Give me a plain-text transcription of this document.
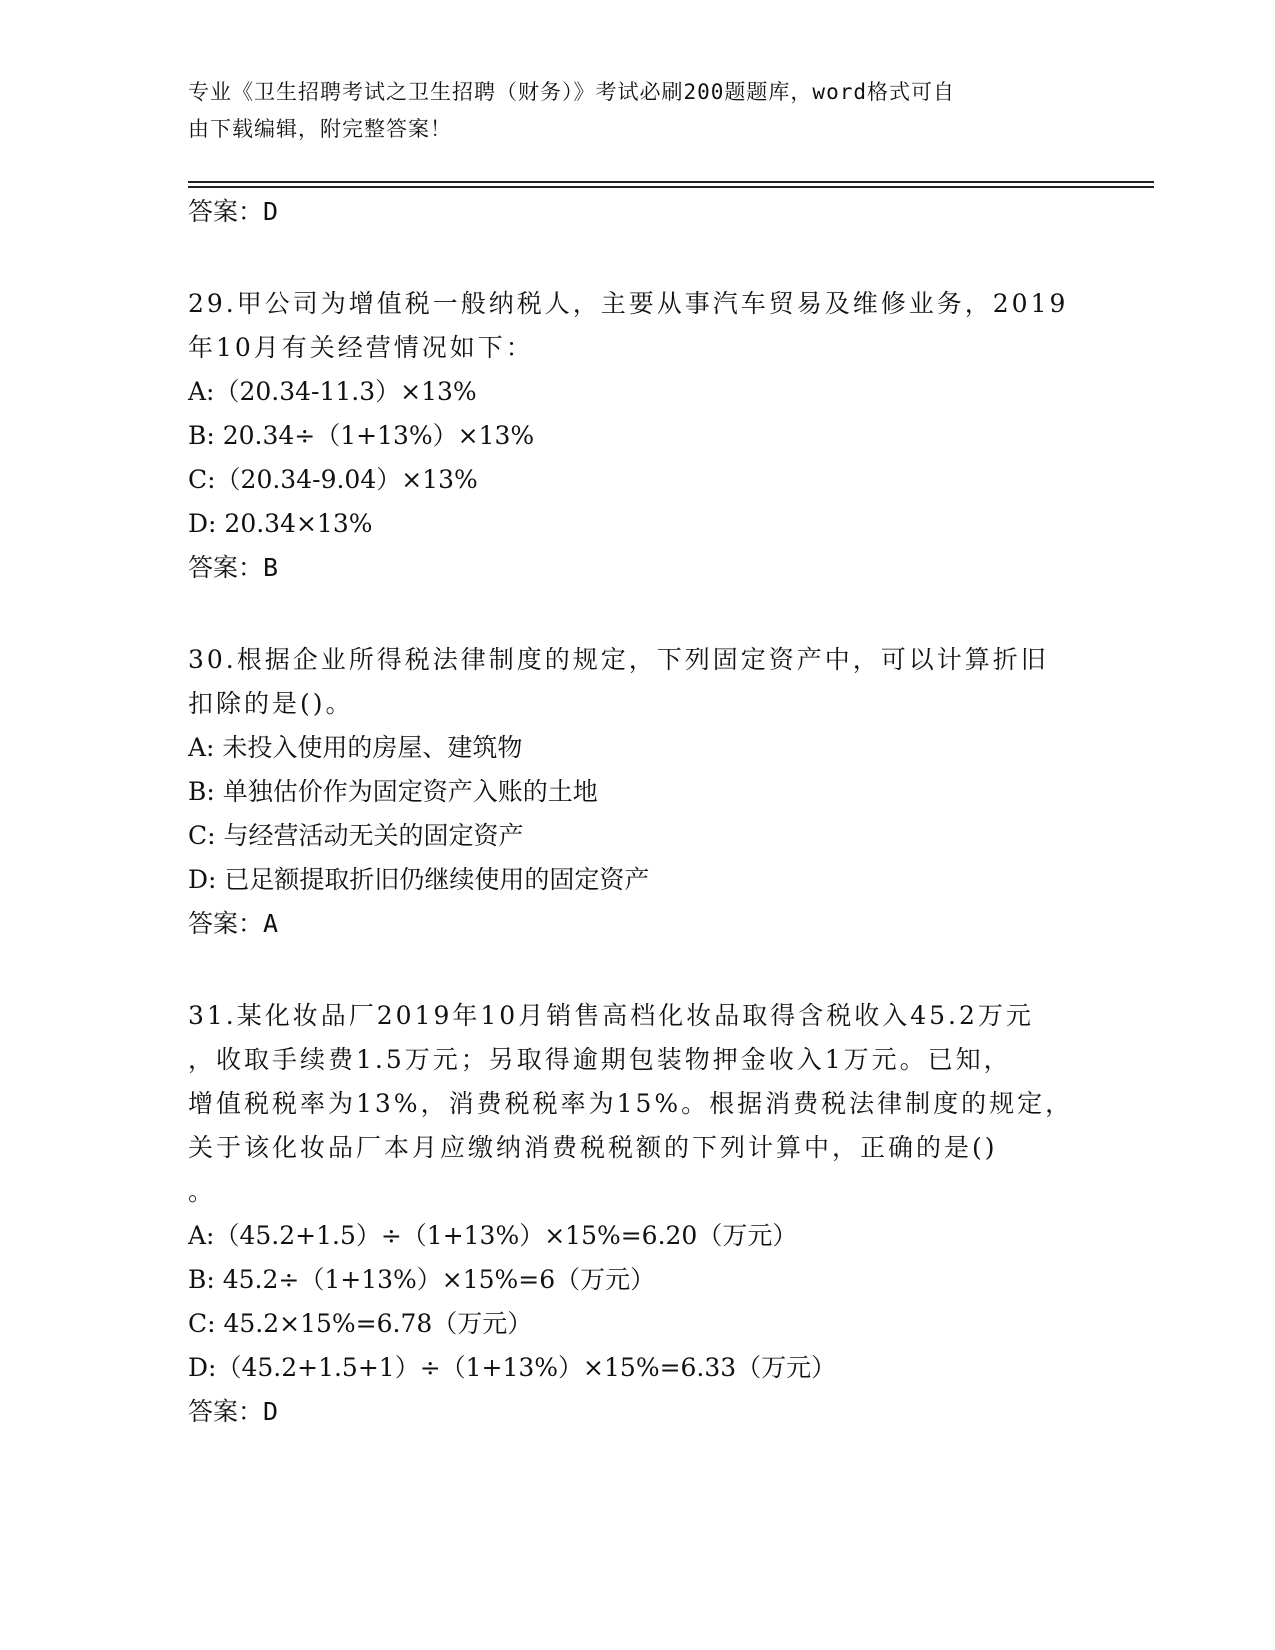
专业《卫生招聘考试之卫生招聘（财务）》考试必刷200题题库，word格式可自
由下载编辑，附完整答案！
答案：D
29.甲公司为增值税一般纳税人，主要从事汽车贸易及维修业务，2019
年10月有关经营情况如下：
A:（20.34-11.3）×13%
B: 20.34÷（1+13%）×13%
C:（20.34-9.04）×13%
D: 20.34×13%
答案：B
30.根据企业所得税法律制度的规定，下列固定资产中，可以计算折旧
扣除的是()。
A: 未投入使用的房屋、建筑物
B: 单独估价作为固定资产入账的土地
C: 与经营活动无关的固定资产
D: 已足额提取折旧仍继续使用的固定资产
答案：A
31.某化妆品厂2019年10月销售高档化妆品取得含税收入45.2万元
，收取手续费1.5万元；另取得逾期包装物押金收入1万元。已知，
增值税税率为13%，消费税税率为15%。根据消费税法律制度的规定，
关于该化妆品厂本月应缴纳消费税税额的下列计算中，正确的是()
。
A:（45.2+1.5）÷（1+13%）×15%=6.20（万元）
B: 45.2÷（1+13%）×15%=6（万元）
C: 45.2×15%=6.78（万元）
D:（45.2+1.5+1）÷（1+13%）×15%=6.33（万元）
答案：D
